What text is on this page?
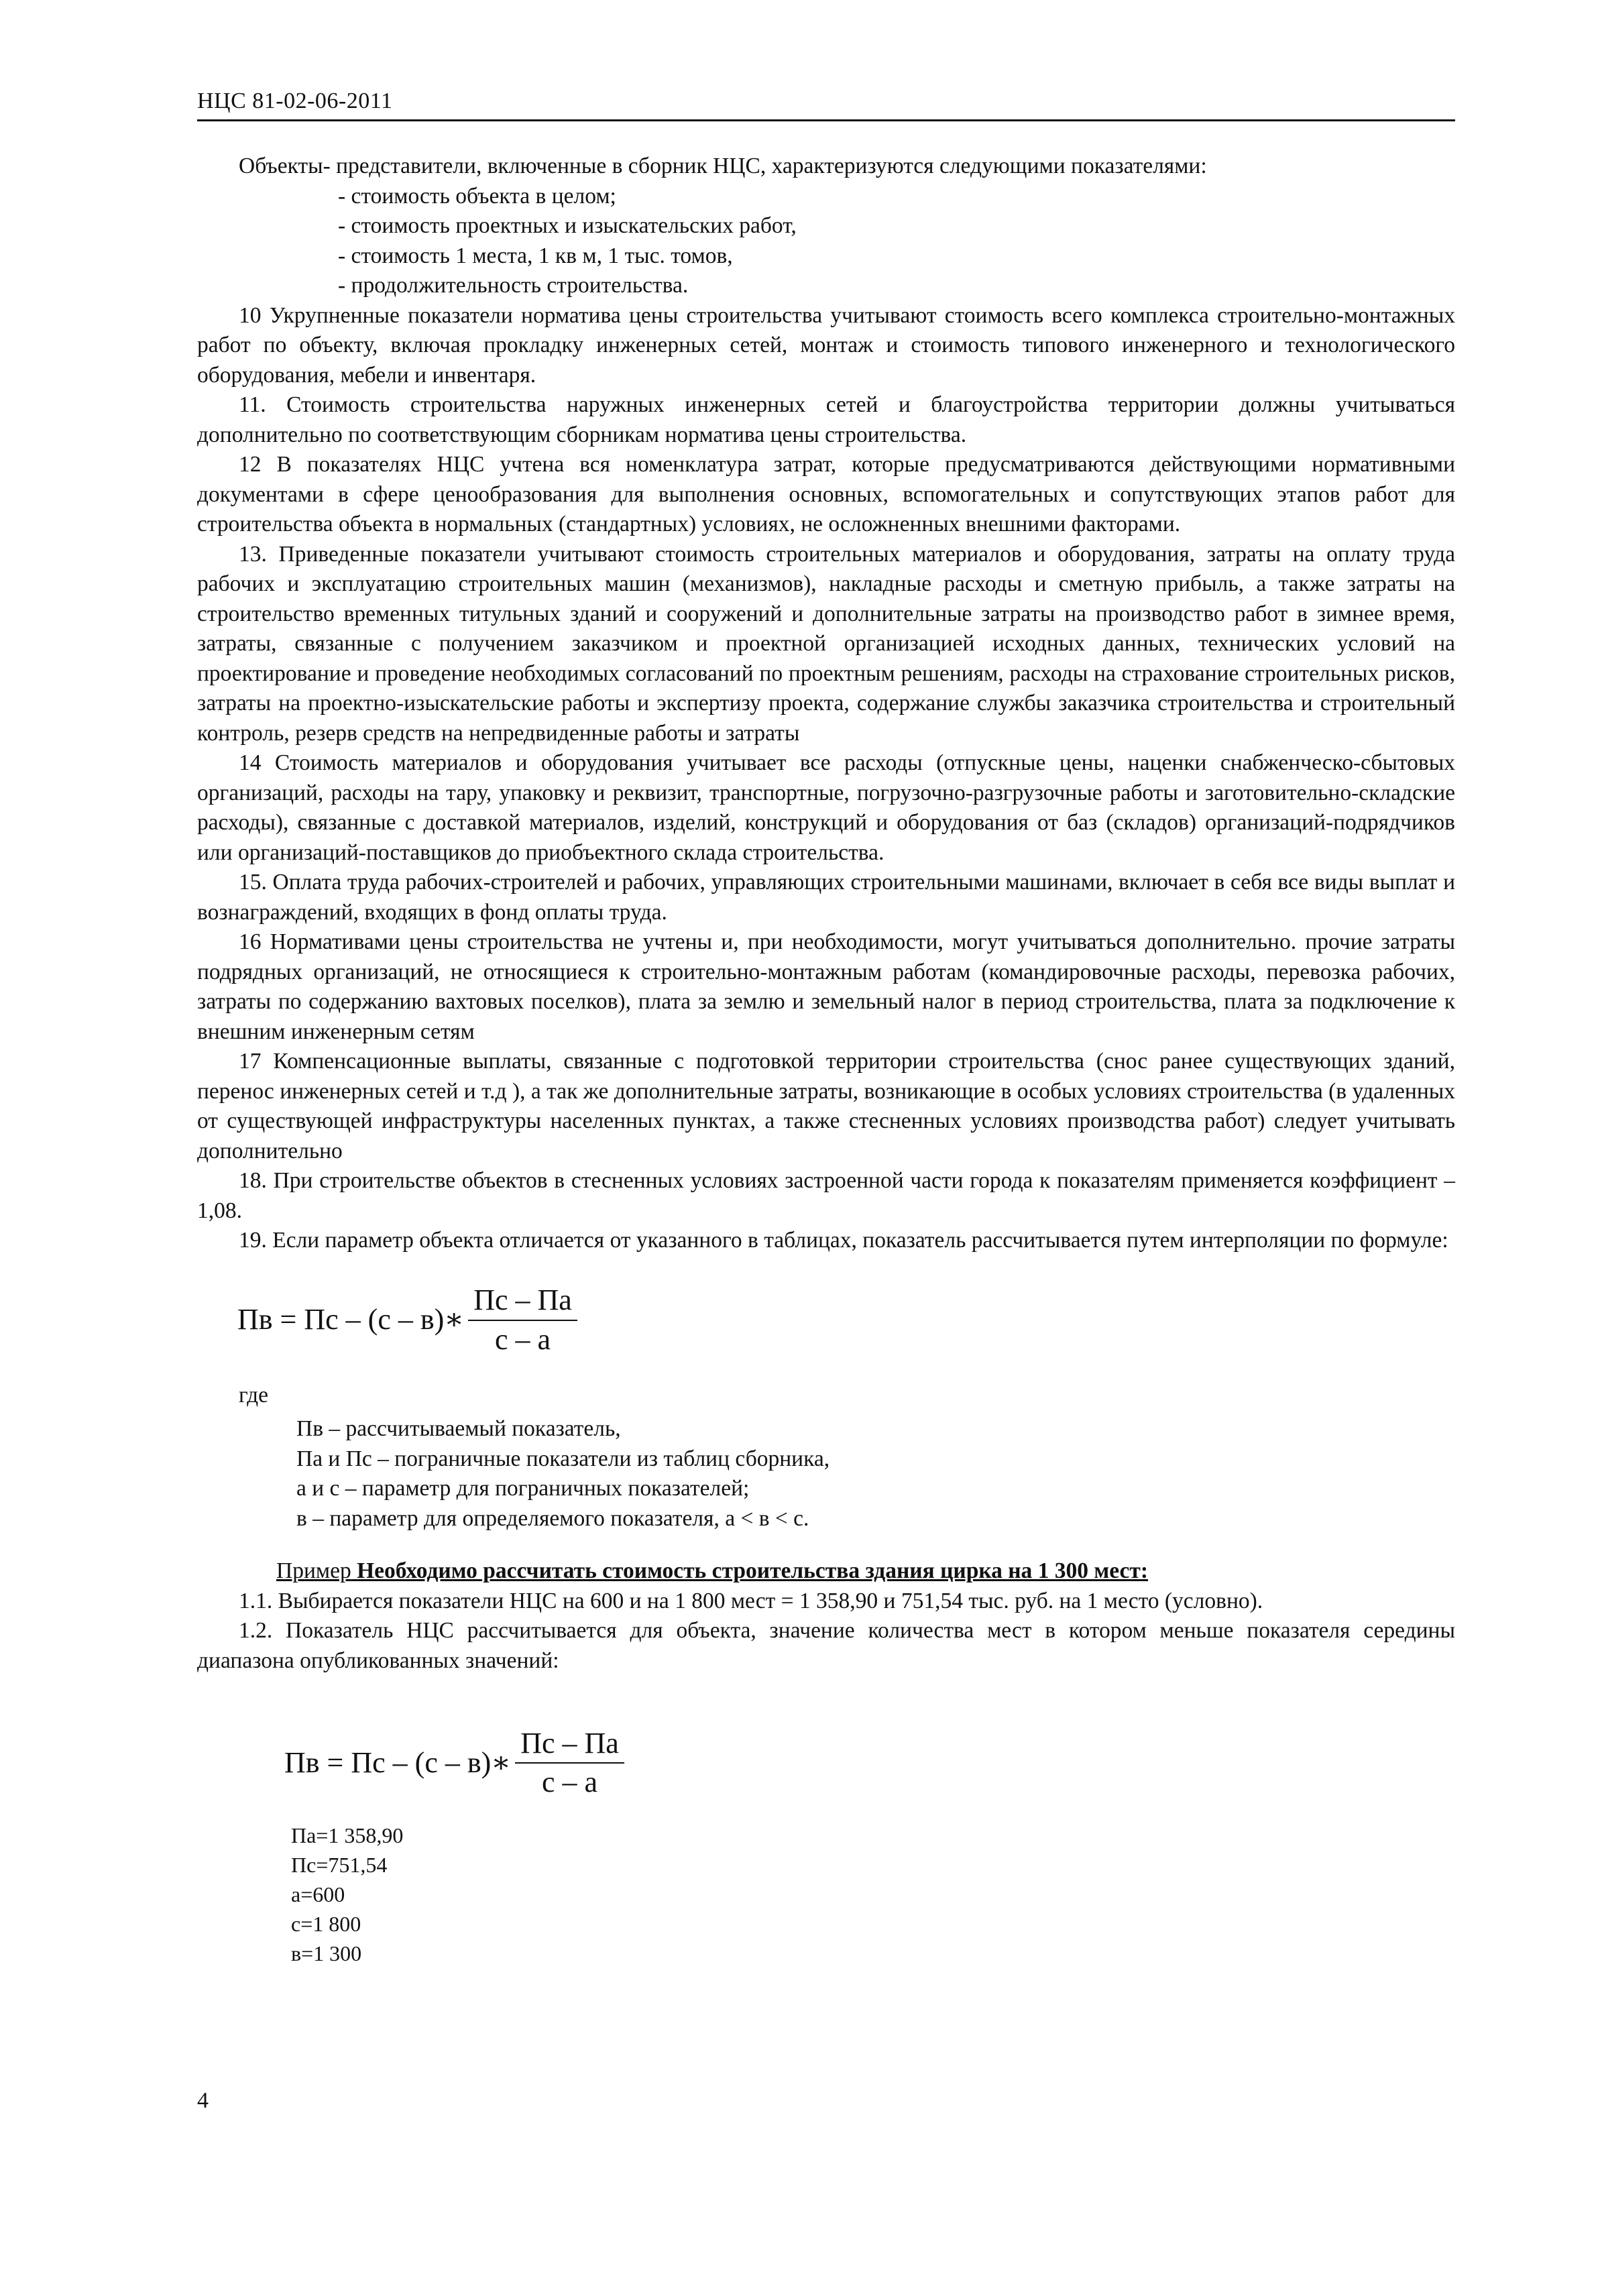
НЦС 81-02-06-2011

Объекты- представители, включенные в сборник НЦС, характеризуются следующими показателями:

- стоимость объекта в целом;
- стоимость проектных и изыскательских работ,
- стоимость 1 места, 1 кв м, 1 тыс. томов,
- продолжительность строительства.

10 Укрупненные показатели норматива цены строительства учитывают стоимость всего комплекса строительно-монтажных работ по объекту, включая прокладку инженерных сетей, монтаж и стоимость типового инженерного и технологического оборудования, мебели и инвентаря.

11. Стоимость строительства наружных инженерных сетей и благоустройства территории должны учитываться дополнительно по соответствующим сборникам норматива цены строительства.

12 В показателях НЦС учтена вся номенклатура затрат, которые предусматриваются действующими нормативными документами в сфере ценообразования для выполнения основных, вспомогательных и сопутствующих этапов работ для строительства объекта в нормальных (стандартных) условиях, не осложненных внешними факторами.

13. Приведенные показатели учитывают стоимость строительных материалов и оборудования, затраты на оплату труда рабочих и эксплуатацию строительных машин (механизмов), накладные расходы и сметную прибыль, а также затраты на строительство временных титульных зданий и сооружений и дополнительные затраты на производство работ в зимнее время, затраты, связанные с получением заказчиком и проектной организацией исходных данных, технических условий на проектирование и проведение необходимых согласований по проектным решениям, расходы на страхование строительных рисков, затраты на проектно-изыскательские работы и экспертизу проекта, содержание службы заказчика строительства и строительный контроль, резерв средств на непредвиденные работы и затраты

14 Стоимость материалов и оборудования учитывает все расходы (отпускные цены, наценки снабженческо-сбытовых организаций, расходы на тару, упаковку и реквизит, транспортные, погрузочно-разгрузочные работы и заготовительно-складские расходы), связанные с доставкой материалов, изделий, конструкций и оборудования от баз (складов) организаций-подрядчиков или организаций-поставщиков до приобъектного склада строительства.

15. Оплата труда рабочих-строителей и рабочих, управляющих строительными машинами, включает в себя все виды выплат и вознаграждений, входящих в фонд оплаты труда.

16 Нормативами цены строительства не учтены и, при необходимости, могут учитываться дополнительно. прочие затраты подрядных организаций, не относящиеся к строительно-монтажным работам (командировочные расходы, перевозка рабочих, затраты по содержанию вахтовых поселков), плата за землю и земельный налог в период строительства, плата за подключение к внешним инженерным сетям

17 Компенсационные выплаты, связанные с подготовкой территории строительства (снос ранее существующих зданий, перенос инженерных сетей и т.д ), а так же дополнительные затраты, возникающие в особых условиях строительства (в удаленных от существующей инфраструктуры населенных пунктах, а также стесненных условиях производства работ) следует учитывать дополнительно

18. При строительстве объектов в стесненных условиях застроенной части города к показателям применяется коэффициент – 1,08.

19. Если параметр объекта отличается от указанного в таблицах, показатель рассчитывается путем интерполяции по формуле:

Пв = Пс – (с – в)∗ $\frac{Пс - Па}{с - а}$
где
Пв – рассчитываемый показатель,
Па и Пс – пограничные показатели из таблиц сборника,
а и с – параметр для пограничных показателей;
в – параметр для определяемого показателя, а < в < с.
Пример Необходимо рассчитать стоимость строительства здания цирка на 1 300 мест:

1.1. Выбирается показатели НЦС на 600 и на 1 800 мест = 1 358,90 и 751,54 тыс. руб. на 1 место (условно).

1.2. Показатель НЦС рассчитывается для объекта, значение количества мест в котором меньше показателя середины диапазона опубликованных значений:

Пв = Пс – (с – в)∗ $\frac{Пс - Па}{с - а}$
Па=1 358,90
Пс=751,54
а=600
с=1 800
в=1 300
4
